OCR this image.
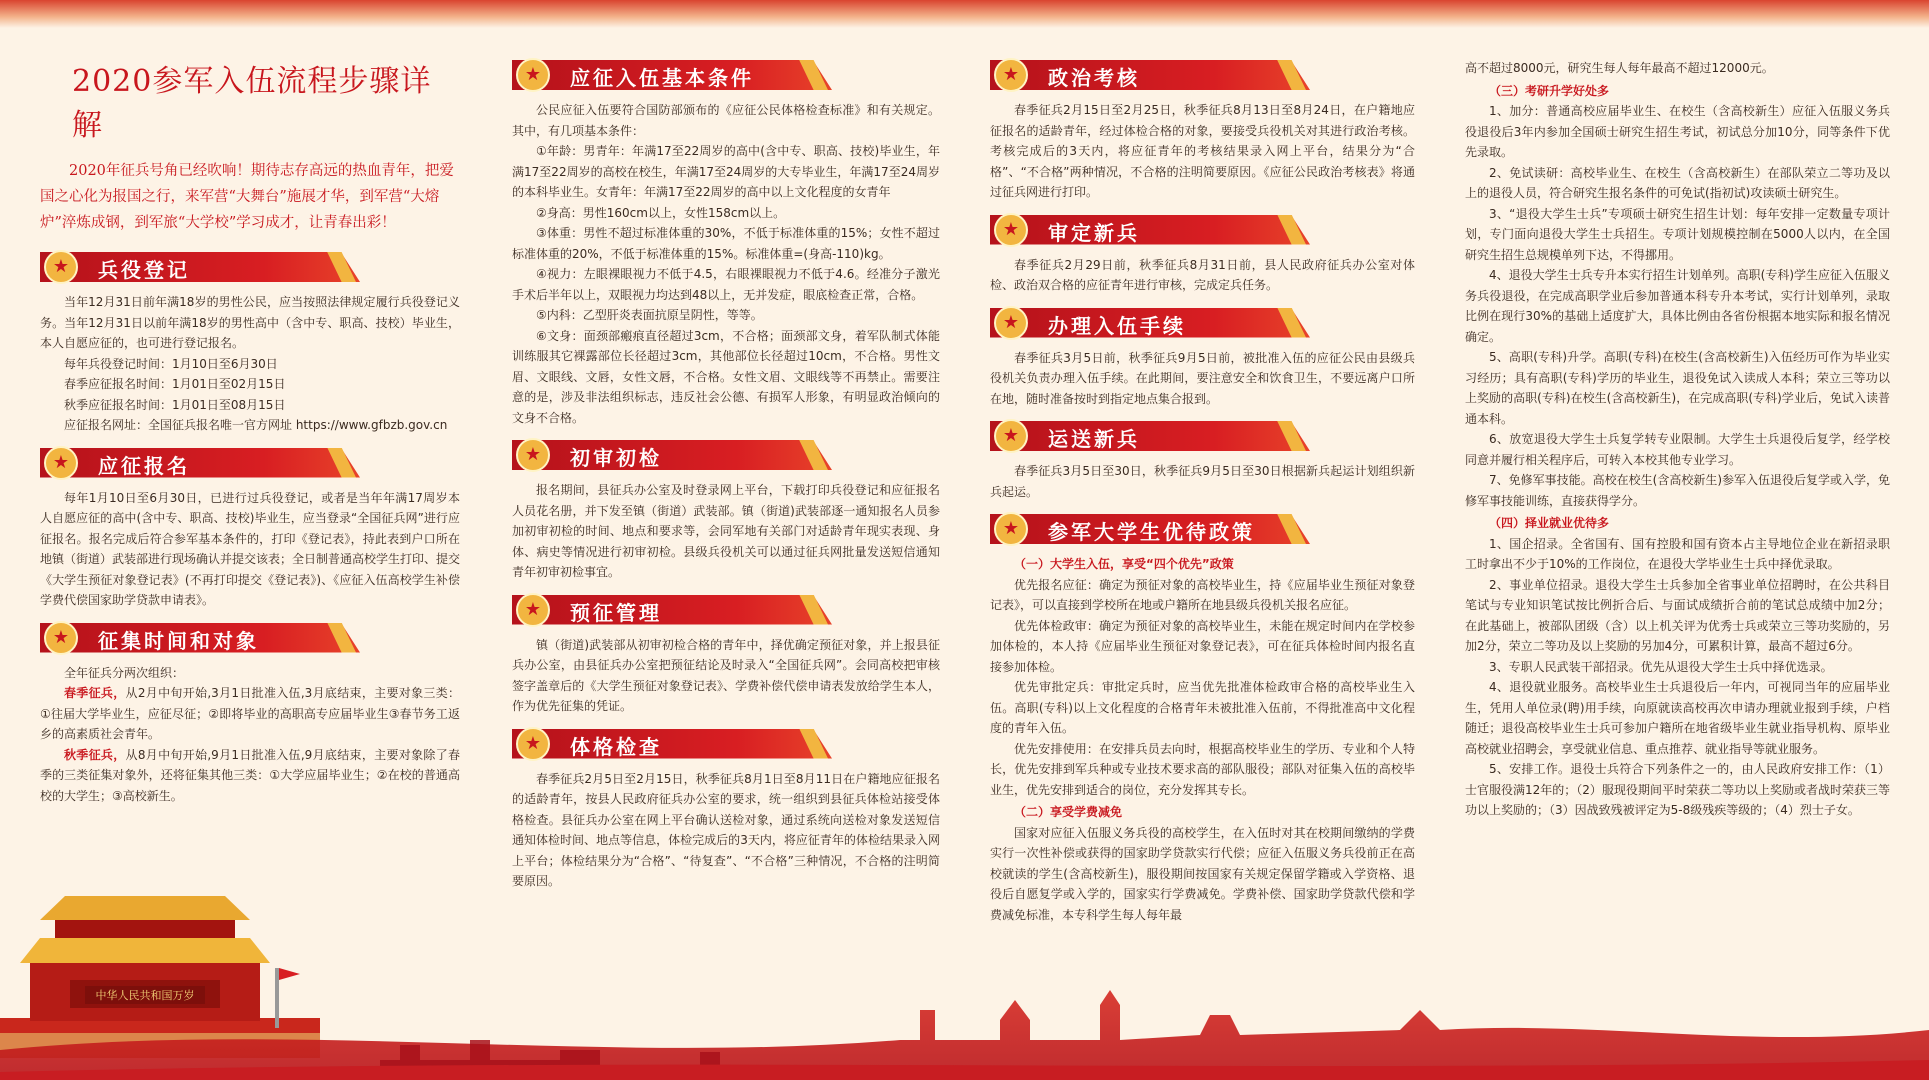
2020参军入伍流程步骤详解

2020年征兵号角已经吹响！期待志存高远的热血青年，把爱国之心化为报国之行，来军营“大舞台”施展才华，到军营“大熔炉”淬炼成钢，到军旅“大学校”学习成才，让青春出彩！

★	兵役登记

当年12月31日前年满18岁的男性公民，应当按照法律规定履行兵役登记义务。当年12月31日以前年满18岁的男性高中（含中专、职高、技校）毕业生，本人自愿应征的，也可进行登记报名。

每年兵役登记时间：1月10日至6月30日

春季应征报名时间：1月01日至02月15日

秋季应征报名时间：1月01日至08月15日

应征报名网址：全国征兵报名唯一官方网址 https://www.gfbzb.gov.cn

★	应征报名

每年1月10日至6月30日，已进行过兵役登记，或者是当年年满17周岁本人自愿应征的高中(含中专、职高、技校)毕业生，应当登录“全国征兵网”进行应征报名。报名完成后符合参军基本条件的，打印《登记表》，持此表到户口所在地镇（街道）武装部进行现场确认并提交该表；全日制普通高校学生打印、提交《大学生预征对象登记表》(不再打印提交《登记表》)、《应征入伍高校学生补偿学费代偿国家助学贷款申请表》。

★	征集时间和对象

全年征兵分两次组织：

春季征兵，从2月中旬开始,3月1日批准入伍,3月底结束，主要对象三类：①往届大学毕业生，应征尽征；②即将毕业的高职高专应届毕业生③春节务工返乡的高素质社会青年。

秋季征兵，从8月中旬开始,9月1日批准入伍,9月底结束，主要对象除了春季的三类征集对象外，还将征集其他三类：①大学应届毕业生；②在校的普通高校的大学生；③高校新生。

★	应征入伍基本条件

公民应征入伍要符合国防部颁布的《应征公民体格检查标准》和有关规定。其中，有几项基本条件：

①年龄：男青年：年满17至22周岁的高中(含中专、职高、技校)毕业生，年满17至22周岁的高校在校生，年满17至24周岁的大专毕业生，年满17至24周岁的本科毕业生。女青年：年满17至22周岁的高中以上文化程度的女青年

②身高：男性160cm以上，女性158cm以上。

③体重：男性不超过标准体重的30%，不低于标准体重的15%；女性不超过标准体重的20%，不低于标准体重的15%。标准体重=(身高-110)kg。

④视力：左眼裸眼视力不低于4.5，右眼裸眼视力不低于4.6。经准分子激光手术后半年以上，双眼视力均达到48以上，无并发症，眼底检查正常，合格。

⑤内科：乙型肝炎表面抗原呈阴性，等等。

⑥文身：面颈部瘢痕直径超过3cm，不合格；面颈部文身，着军队制式体能训练服其它裸露部位长径超过3cm，其他部位长径超过10cm，不合格。男性文眉、文眼线、文唇，女性文唇，不合格。女性文眉、文眼线等不再禁止。需要注意的是，涉及非法组织标志，违反社会公德、有损军人形象，有明显政治倾向的文身不合格。

★	初审初检

报名期间，县征兵办公室及时登录网上平台，下载打印兵役登记和应征报名人员花名册，并下发至镇（街道）武装部。镇（街道)武装部逐一通知报名人员参加初审初检的时间、地点和要求等，会同军地有关部门对适龄青年现实表现、身体、病史等情况进行初审初检。县级兵役机关可以通过征兵网批量发送短信通知青年初审初检事宜。

★	预征管理

镇（街道)武装部从初审初检合格的青年中，择优确定预征对象，并上报县征兵办公室，由县征兵办公室把预征结论及时录入“全国征兵网”。会同高校把审核签字盖章后的《大学生预征对象登记表》、学费补偿代偿申请表发放给学生本人，作为优先征集的凭证。

★	体格检查

春季征兵2月5日至2月15日，秋季征兵8月1日至8月11日在户籍地应征报名的适龄青年，按县人民政府征兵办公室的要求，统一组织到县征兵体检站接受体格检查。县征兵办公室在网上平台确认送检对象，通过系统向送检对象发送短信通知体检时间、地点等信息，体检完成后的3天内，将应征青年的体检结果录入网上平台；体检结果分为“合格”、“待复查”、“不合格”三种情况，不合格的注明简要原因。

★	政治考核

春季征兵2月15日至2月25日，秋季征兵8月13日至8月24日，在户籍地应征报名的适龄青年，经过体检合格的对象，要接受兵役机关对其进行政治考核。考核完成后的3天内，将应征青年的考核结果录入网上平台，结果分为“合格”、“不合格”两种情况，不合格的注明简要原因。《应征公民政治考核表》将通过征兵网进行打印。

★	审定新兵

春季征兵2月29日前，秋季征兵8月31日前，县人民政府征兵办公室对体检、政治双合格的应征青年进行审核，完成定兵任务。

★	办理入伍手续

春季征兵3月5日前，秋季征兵9月5日前，被批准入伍的应征公民由县级兵役机关负责办理入伍手续。在此期间，要注意安全和饮食卫生，不要远离户口所在地，随时准备按时到指定地点集合报到。

★	运送新兵

春季征兵3月5日至30日，秋季征兵9月5日至30日根据新兵起运计划组织新兵起运。

★	参军大学生优待政策

（一）大学生入伍，享受“四个优先”政策

优先报名应征：确定为预征对象的高校毕业生，持《应届毕业生预征对象登记表》，可以直接到学校所在地或户籍所在地县级兵役机关报名应征。

优先体检政审：确定为预征对象的高校毕业生，未能在规定时间内在学校参加体检的，本人持《应届毕业生预征对象登记表》，可在征兵体检时间内报名直接参加体检。

优先审批定兵：审批定兵时，应当优先批准体检政审合格的高校毕业生入伍。高职(专科)以上文化程度的合格青年未被批准入伍前，不得批准高中文化程度的青年入伍。

优先安排使用：在安排兵员去向时，根据高校毕业生的学历、专业和个人特长，优先安排到军兵种或专业技术要求高的部队服役；部队对征集入伍的高校毕业生，优先安排到适合的岗位，充分发挥其专长。

（二）享受学费减免

国家对应征入伍服义务兵役的高校学生，在入伍时对其在校期间缴纳的学费实行一次性补偿或获得的国家助学贷款实行代偿；应征入伍服义务兵役前正在高校就读的学生(含高校新生)，服役期间按国家有关规定保留学籍或入学资格、退役后自愿复学或入学的，国家实行学费减免。学费补偿、国家助学贷款代偿和学费减免标准，本专科学生每人每年最

高不超过8000元，研究生每人每年最高不超过12000元。

（三）考研升学好处多

1、加分：普通高校应届毕业生、在校生（含高校新生）应征入伍服义务兵役退役后3年内参加全国硕士研究生招生考试，初试总分加10分，同等条件下优先录取。

2、免试读研：高校毕业生、在校生（含高校新生）在部队荣立二等功及以上的退役人员，符合研究生报名条件的可免试(指初试)攻读硕士研究生。

3、“退役大学生士兵”专项硕士研究生招生计划：每年安排一定数量专项计划，专门面向退役大学生士兵招生。专项计划规模控制在5000人以内，在全国研究生招生总规模单列下达，不得挪用。

4、退役大学生士兵专升本实行招生计划单列。高职(专科)学生应征入伍服义务兵役退役，在完成高职学业后参加普通本科专升本考试，实行计划单列，录取比例在现行30%的基础上适度扩大，具体比例由各省份根据本地实际和报名情况确定。

5、高职(专科)升学。高职(专科)在校生(含高校新生)入伍经历可作为毕业实习经历；具有高职(专科)学历的毕业生，退役免试入读成人本科；荣立三等功以上奖励的高职(专科)在校生(含高校新生)，在完成高职(专科)学业后，免试入读普通本科。

6、放宽退役大学生士兵复学转专业限制。大学生士兵退役后复学，经学校同意并履行相关程序后，可转入本校其他专业学习。

7、免修军事技能。高校在校生(含高校新生)参军入伍退役后复学或入学，免修军事技能训练，直接获得学分。

（四）择业就业优待多

1、国企招录。全省国有、国有控股和国有资本占主导地位企业在新招录职工时拿出不少于10%的工作岗位，在退役大学毕业生士兵中择优录取。

2、事业单位招录。退役大学生士兵参加全省事业单位招聘时，在公共科目笔试与专业知识笔试按比例折合后、与面试成绩折合前的笔试总成绩中加2分；在此基础上，被部队团级（含）以上机关评为优秀士兵或荣立三等功奖励的，另加2分，荣立二等功及以上奖励的另加4分，可累积计算，最高不超过6分。

3、专职人民武装干部招录。优先从退役大学生士兵中择优选录。

4、退役就业服务。高校毕业生士兵退役后一年内，可视同当年的应届毕业生，凭用人单位录(聘)用手续，向原就读高校再次申请办理就业报到手续，户档随迁；退役高校毕业生士兵可参加户籍所在地省级毕业生就业指导机构、原毕业高校就业招聘会，享受就业信息、重点推荐、就业指导等就业服务。

5、安排工作。退役士兵符合下列条件之一的，由人民政府安排工作：（1）士官服役满12年的；（2）服现役期间平时荣获二等功以上奖励或者战时荣获三等功以上奖励的；（3）因战致残被评定为5-8级残疾等级的；（4）烈士子女。

中华人民共和国万岁
